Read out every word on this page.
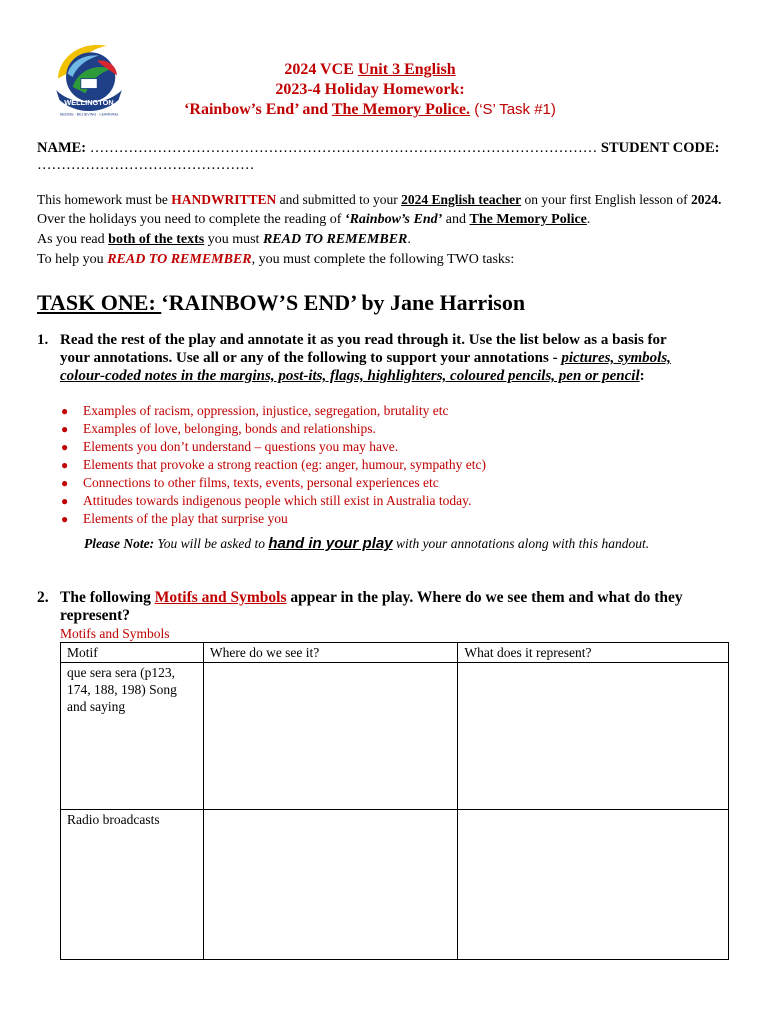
WELLINGTON
SEEING · BELIEVING · LEARNING
2024 VCE Unit 3 English
2023-4 Holiday Homework:
‘Rainbow’s End’ and The Memory Police. (‘S’ Task #1)
NAME: …………………………………………………………………………………………… STUDENT CODE:
………………………………………

This homework must be HANDWRITTEN and submitted to your 2024 English teacher on your first English lesson of 2024.

Over the holidays you need to complete the reading of ‘Rainbow’s End’ and The Memory Police.

As you read both of the texts you must READ TO REMEMBER.

To help you READ TO REMEMBER, you must complete the following TWO tasks:

TASK ONE: ‘RAINBOW’S END’ by Jane Harrison
1. Read the rest of the play and annotate it as you read through it. Use the list below as a basis for your annotations. Use all or any of the following to support your annotations - pictures, symbols, colour-coded notes in the margins, post-its, flags, highlighters, coloured pencils, pen or pencil:
● Examples of racism, oppression, injustice, segregation, brutality etc
● Examples of love, belonging, bonds and relationships.
● Elements you don’t understand – questions you may have.
● Elements that provoke a strong reaction (eg: anger, humour, sympathy etc)
● Connections to other films, texts, events, personal experiences etc
● Attitudes towards indigenous people which still exist in Australia today.
● Elements of the play that surprise you
Please Note: You will be asked to hand in your play with your annotations along with this handout.
2. The following Motifs and Symbols appear in the play. Where do we see them and what do they represent?
Motifs and Symbols
Motif	Where do we see it?	What does it represent?
que sera sera (p123, 174, 188, 198) Song and saying		
Radio broadcasts		
